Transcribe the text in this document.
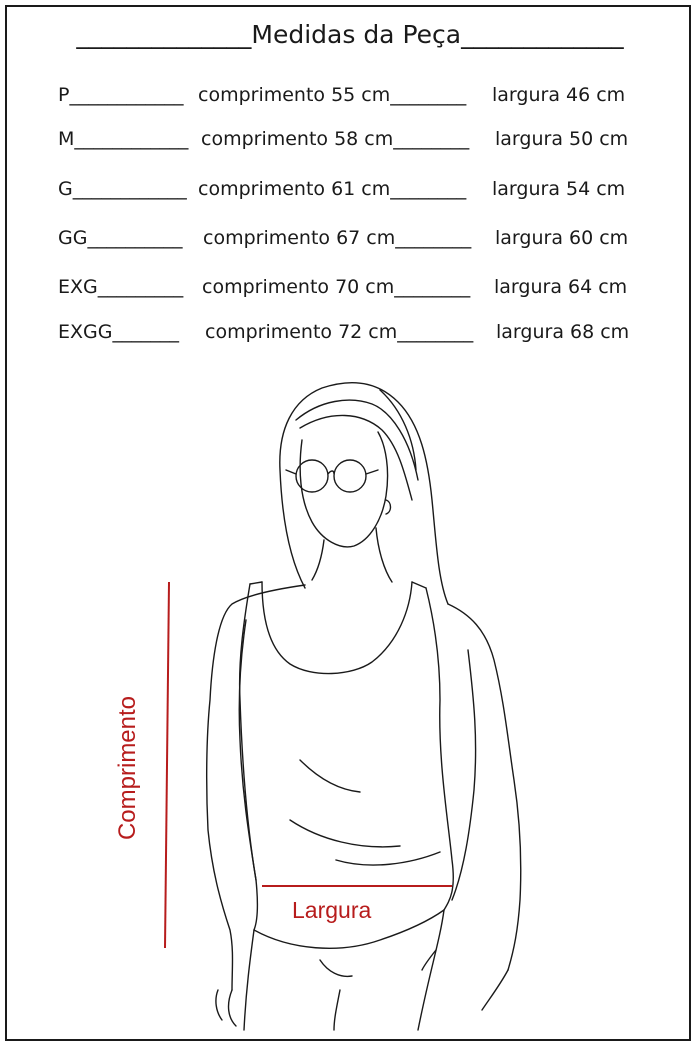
______________Medidas da Peça_____________
P____________ comprimento 55 cm________ largura 46 cm
M____________ comprimento 58 cm________ largura 50 cm
G____________ comprimento 61 cm________ largura 54 cm
GG__________ comprimento 67 cm________ largura 60 cm
EXG_________ comprimento 70 cm________ largura 64 cm
EXGG_______ comprimento 72 cm________ largura 68 cm
Comprimento
Largura
